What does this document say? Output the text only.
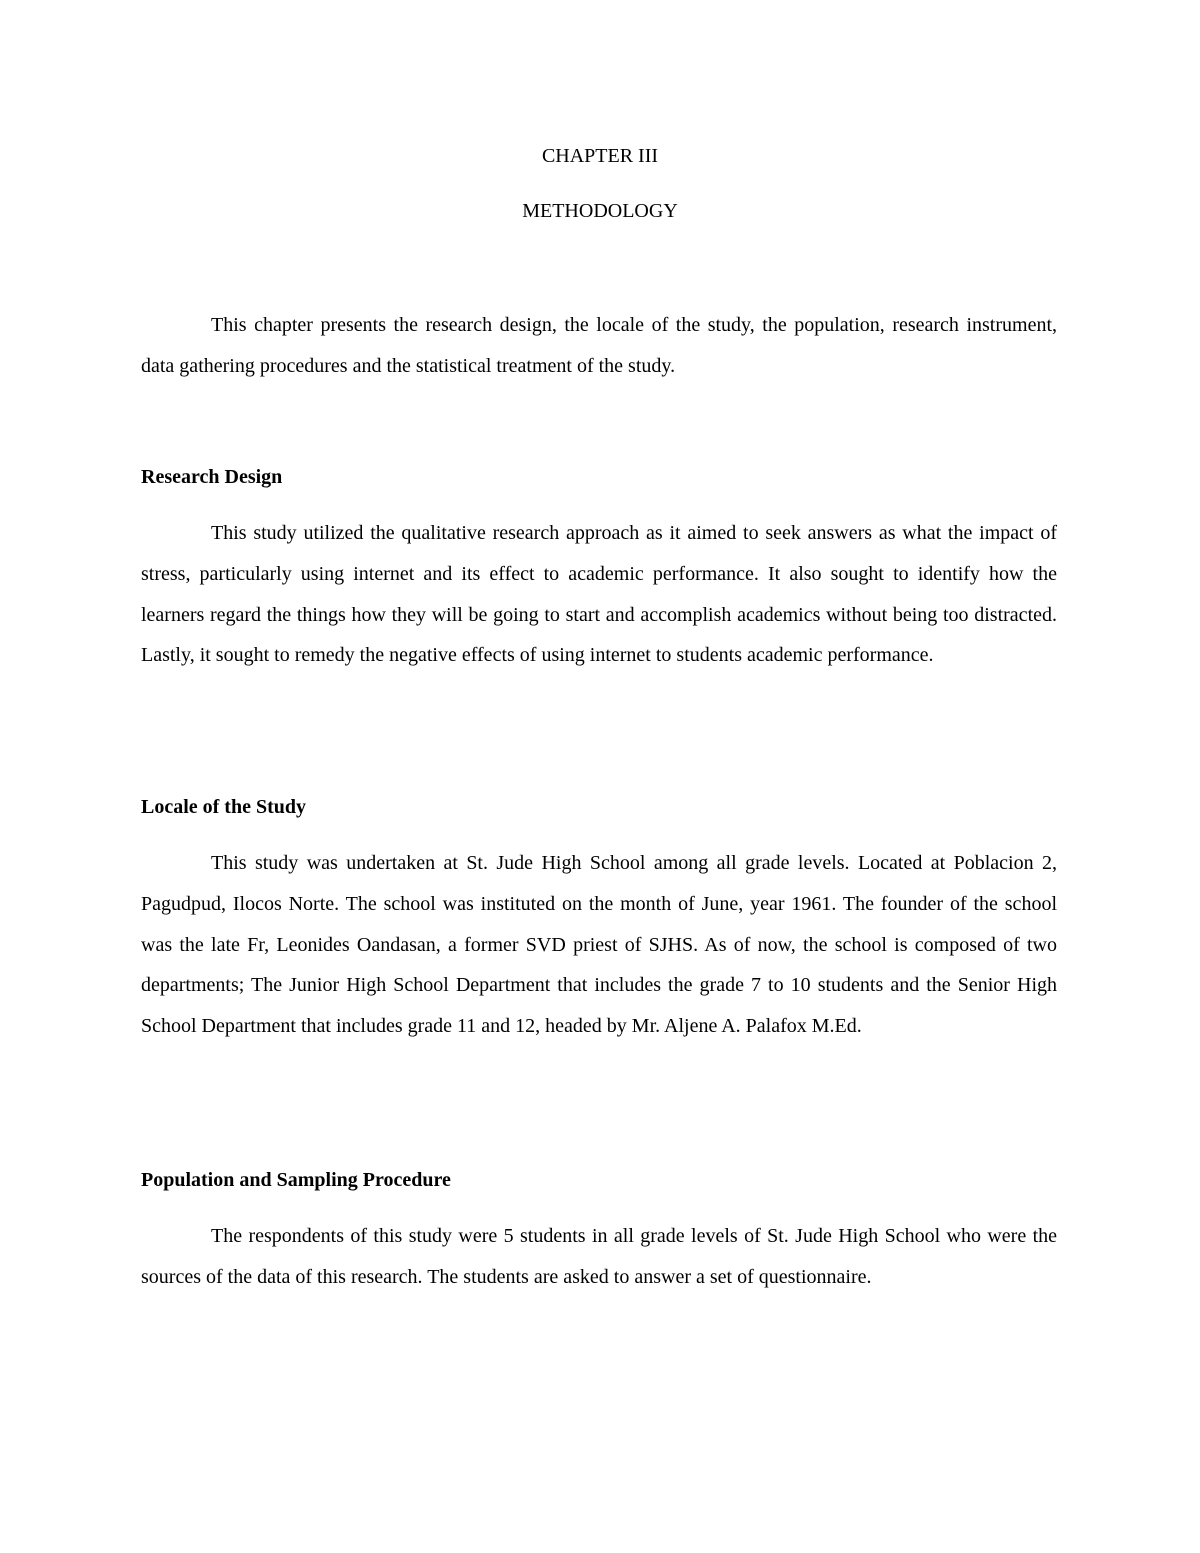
CHAPTER III
METHODOLOGY

This chapter presents the research design, the locale of the study, the population, research instrument, data gathering procedures and the statistical treatment of the study.

Research Design

This study utilized the qualitative research approach as it aimed to seek answers as what the impact of stress, particularly using internet and its effect to academic performance. It also sought to identify how the learners regard the things how they will be going to start and accomplish academics without being too distracted. Lastly, it sought to remedy the negative effects of using internet to students academic performance.

Locale of the Study

This study was undertaken at St. Jude High School among all grade levels. Located at Poblacion 2, Pagudpud, Ilocos Norte. The school was instituted on the month of June, year 1961. The founder of the school was the late Fr, Leonides Oandasan, a former SVD priest of SJHS. As of now, the school is composed of two departments; The Junior High School Department that includes the grade 7 to 10 students and the Senior High School Department that includes grade 11 and 12, headed by Mr. Aljene A. Palafox M.Ed.

Population and Sampling Procedure

The respondents of this study were 5 students in all grade levels of St. Jude High School who were the sources of the data of this research. The students are asked to answer a set of questionnaire.
